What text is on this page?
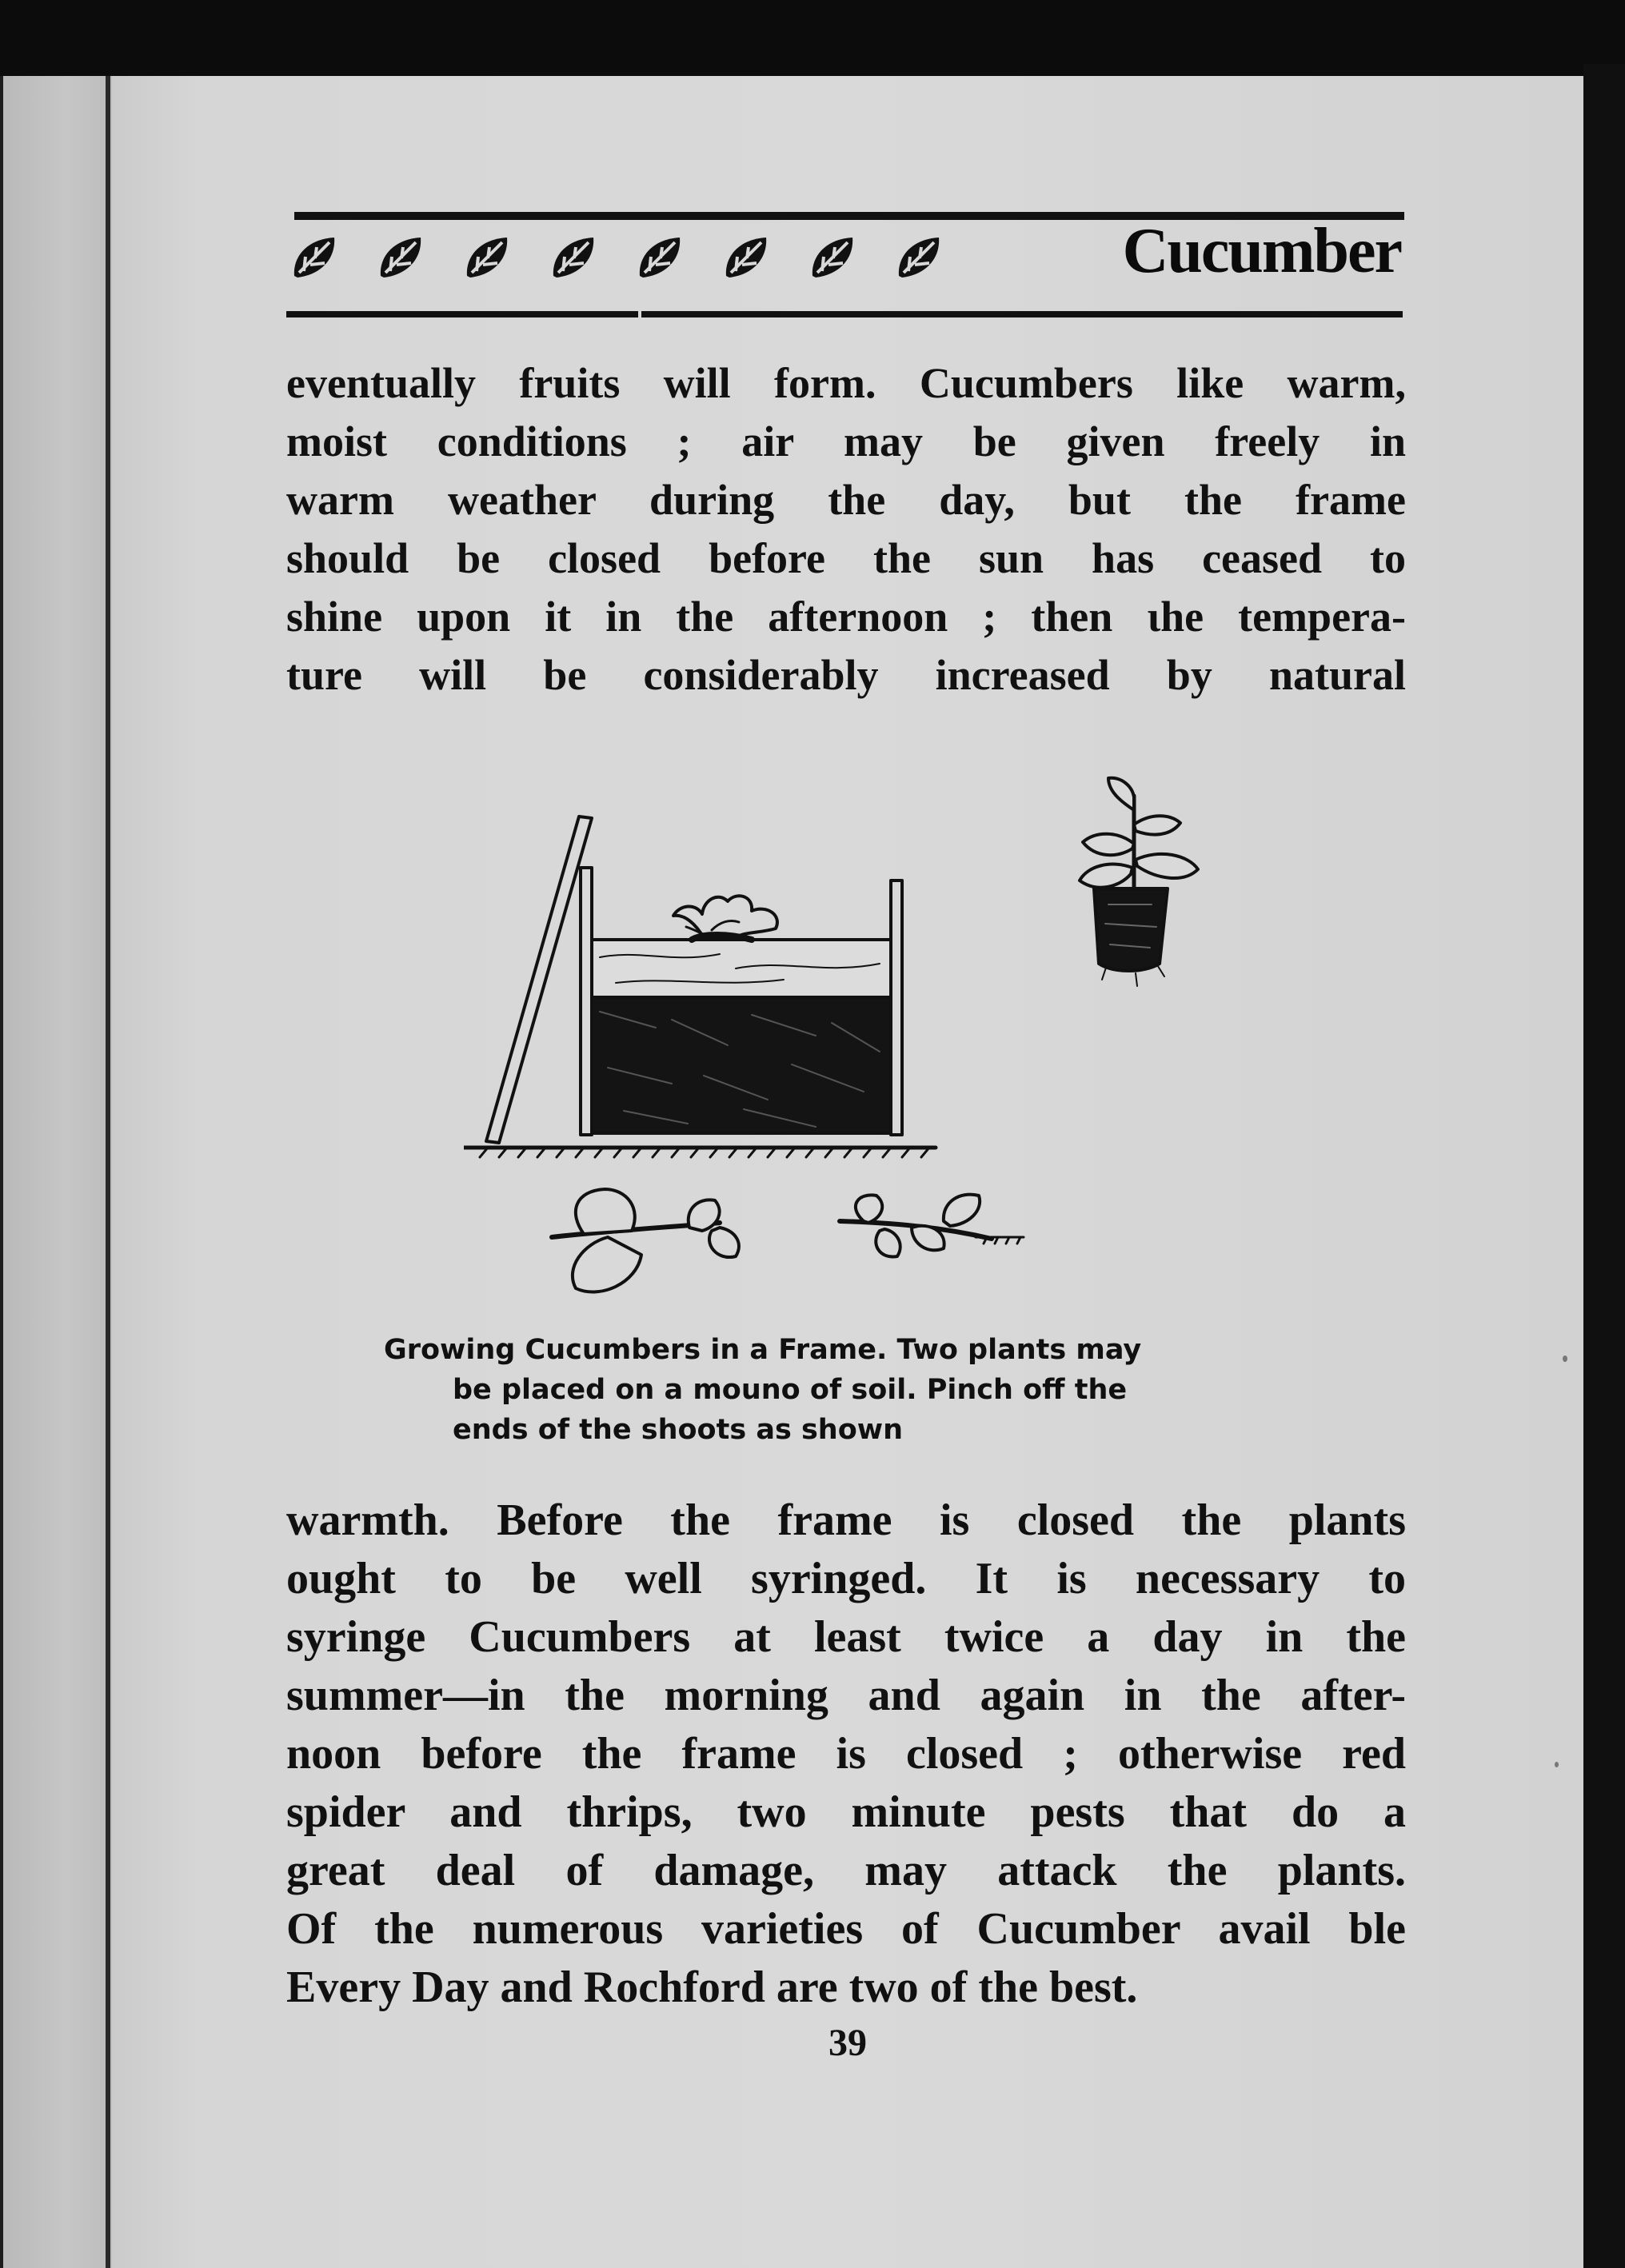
Cucumber
eventually fruits will form. Cucumbers like warm,
moist conditions ; air may be given freely in
warm weather during the day, but the frame
should be closed before the sun has ceased to
shine upon it in the afternoon ; then ιhe tempera-
ture will be considerably increased by natural
Growing Cucumbers in a Frame. Two plants may
be placed on a mouno of soil. Pinch off the
ends of the shoots as shown
warmth. Before the frame is closed the plants
ought to be well syringed. It is necessary to
syringe Cucumbers at least twice a day in the
summer—in the morning and again in the after-
noon before the frame is closed ; otherwise red
spider and thrips, two minute pests that do a
great deal of damage, may attack the plants.
Of the numerous varieties of Cucumber avail ble
Every Day and Rochford are two of the best.
39
